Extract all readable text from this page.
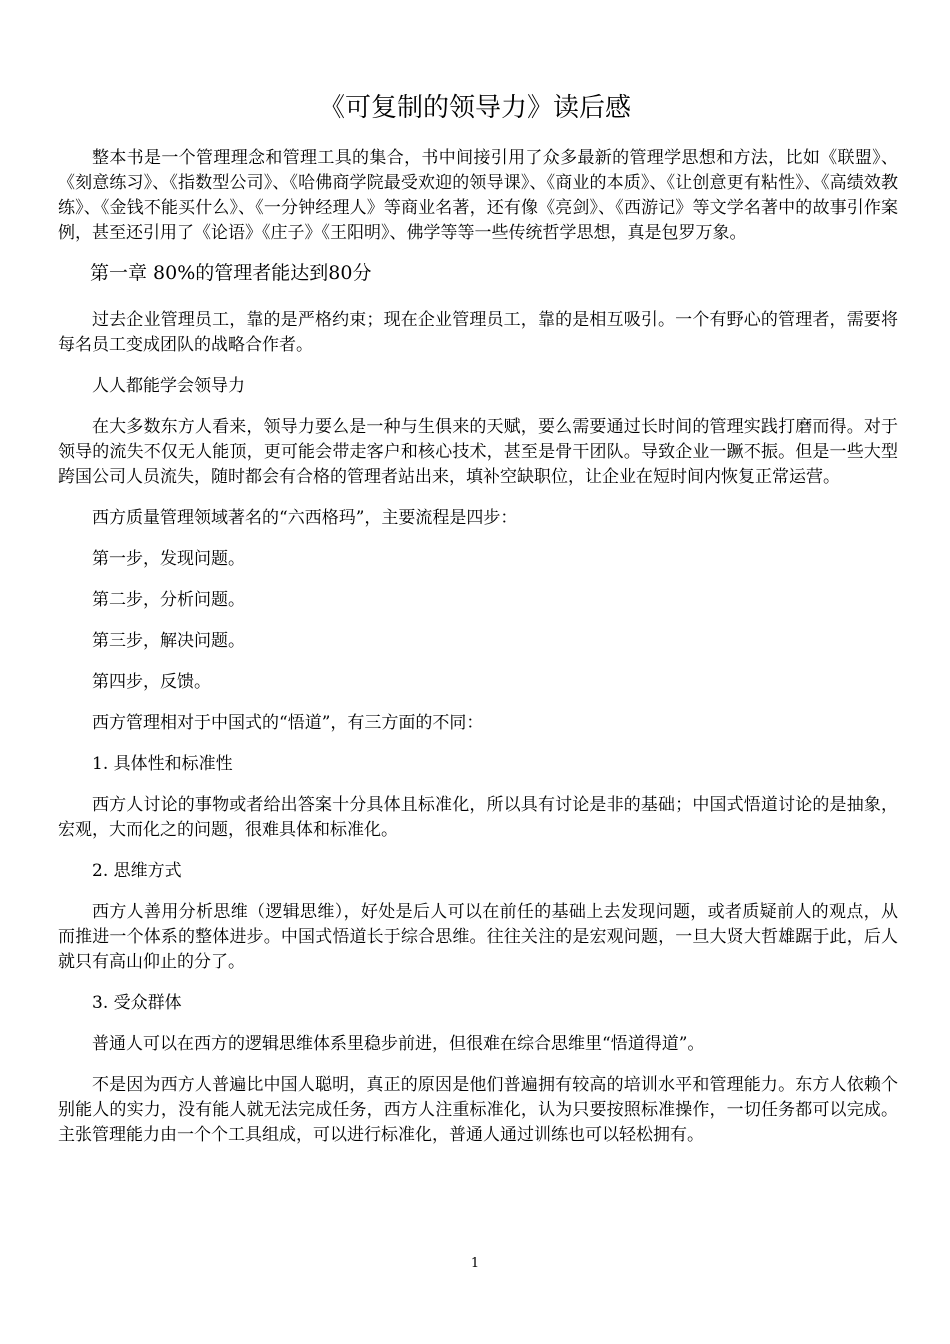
《可复制的领导力》读后感

整本书是一个管理理念和管理工具的集合，书中间接引用了众多最新的管理学思想和方法，比如《联盟》、《刻意练习》、《指数型公司》、《哈佛商学院最受欢迎的领导课》、《商业的本质》、《让创意更有粘性》、《高绩效教练》、《金钱不能买什么》、《一分钟经理人》等商业名著，还有像《亮剑》、《西游记》等文学名著中的故事引作案例，甚至还引用了《论语》《庄子》《王阳明》、佛学等等一些传统哲学思想，真是包罗万象。

第一章 80%的管理者能达到80分

过去企业管理员工，靠的是严格约束；现在企业管理员工，靠的是相互吸引。一个有野心的管理者，需要将每名员工变成团队的战略合作者。

人人都能学会领导力

在大多数东方人看来，领导力要么是一种与生俱来的天赋，要么需要通过长时间的管理实践打磨而得。对于领导的流失不仅无人能顶，更可能会带走客户和核心技术，甚至是骨干团队。导致企业一蹶不振。但是一些大型跨国公司人员流失，随时都会有合格的管理者站出来，填补空缺职位，让企业在短时间内恢复正常运营。

西方质量管理领域著名的“六西格玛”，主要流程是四步：

第一步，发现问题。

第二步，分析问题。

第三步，解决问题。

第四步，反馈。

西方管理相对于中国式的“悟道”，有三方面的不同：

1. 具体性和标准性

西方人讨论的事物或者给出答案十分具体且标准化，所以具有讨论是非的基础；中国式悟道讨论的是抽象，宏观，大而化之的问题，很难具体和标准化。

2. 思维方式

西方人善用分析思维（逻辑思维），好处是后人可以在前任的基础上去发现问题，或者质疑前人的观点，从而推进一个体系的整体进步。中国式悟道长于综合思维。往往关注的是宏观问题，一旦大贤大哲雄踞于此，后人就只有高山仰止的分了。

3. 受众群体

普通人可以在西方的逻辑思维体系里稳步前进，但很难在综合思维里“悟道得道”。

不是因为西方人普遍比中国人聪明，真正的原因是他们普遍拥有较高的培训水平和管理能力。东方人依赖个别能人的实力，没有能人就无法完成任务，西方人注重标准化，认为只要按照标准操作，一切任务都可以完成。主张管理能力由一个个工具组成，可以进行标准化，普通人通过训练也可以轻松拥有。

1
